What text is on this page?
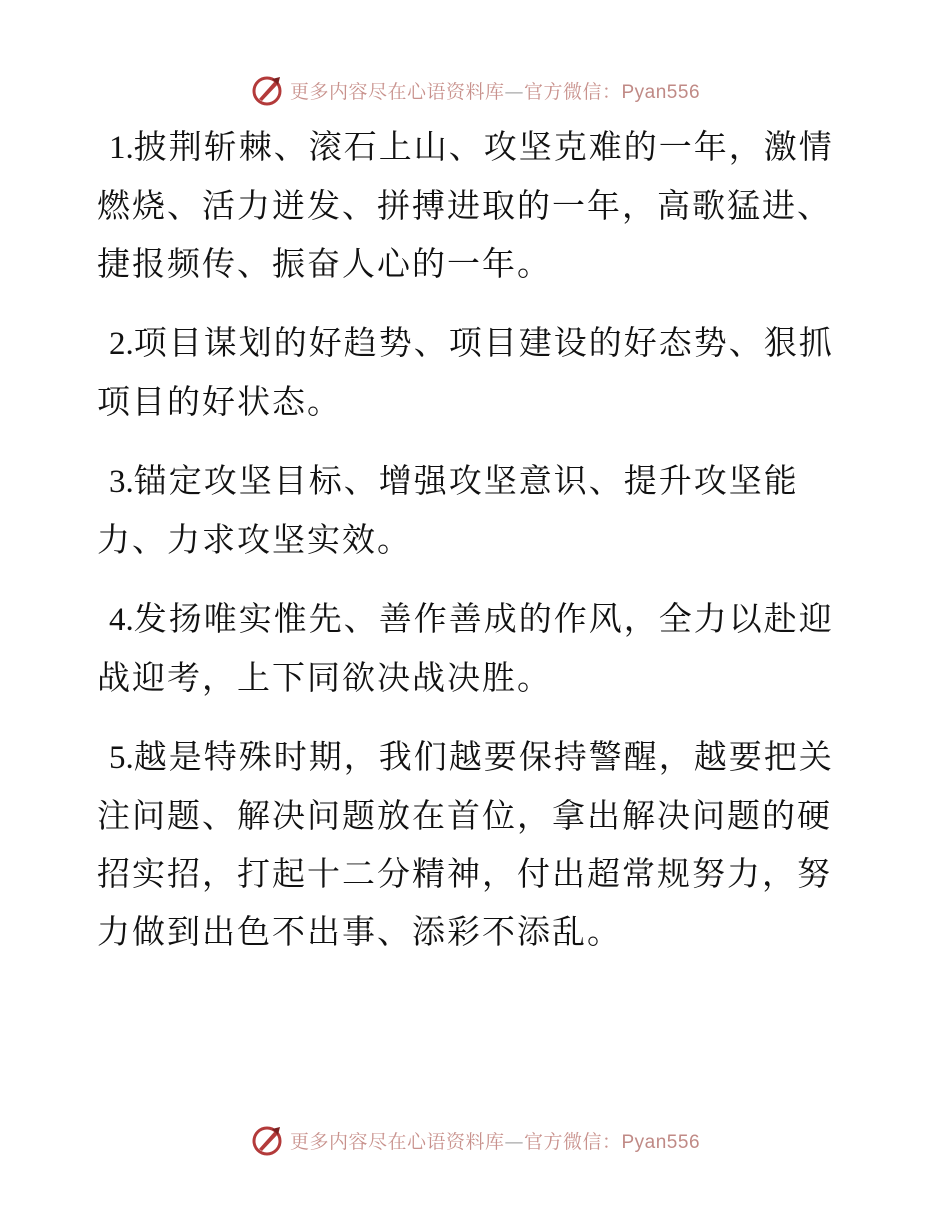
更多内容尽在心语资料库—官方微信：Pyan556

1.披荆斩棘、滚石上山、攻坚克难的一年，激情燃烧、活力迸发、拼搏进取的一年，高歌猛进、捷报频传、振奋人心的一年。

2.项目谋划的好趋势、项目建设的好态势、狠抓项目的好状态。

3.锚定攻坚目标、增强攻坚意识、提升攻坚能力、力求攻坚实效。

4.发扬唯实惟先、善作善成的作风，全力以赴迎战迎考，上下同欲决战决胜。

5.越是特殊时期，我们越要保持警醒，越要把关注问题、解决问题放在首位，拿出解决问题的硬招实招，打起十二分精神，付出超常规努力，努力做到出色不出事、添彩不添乱。

更多内容尽在心语资料库—官方微信：Pyan556
